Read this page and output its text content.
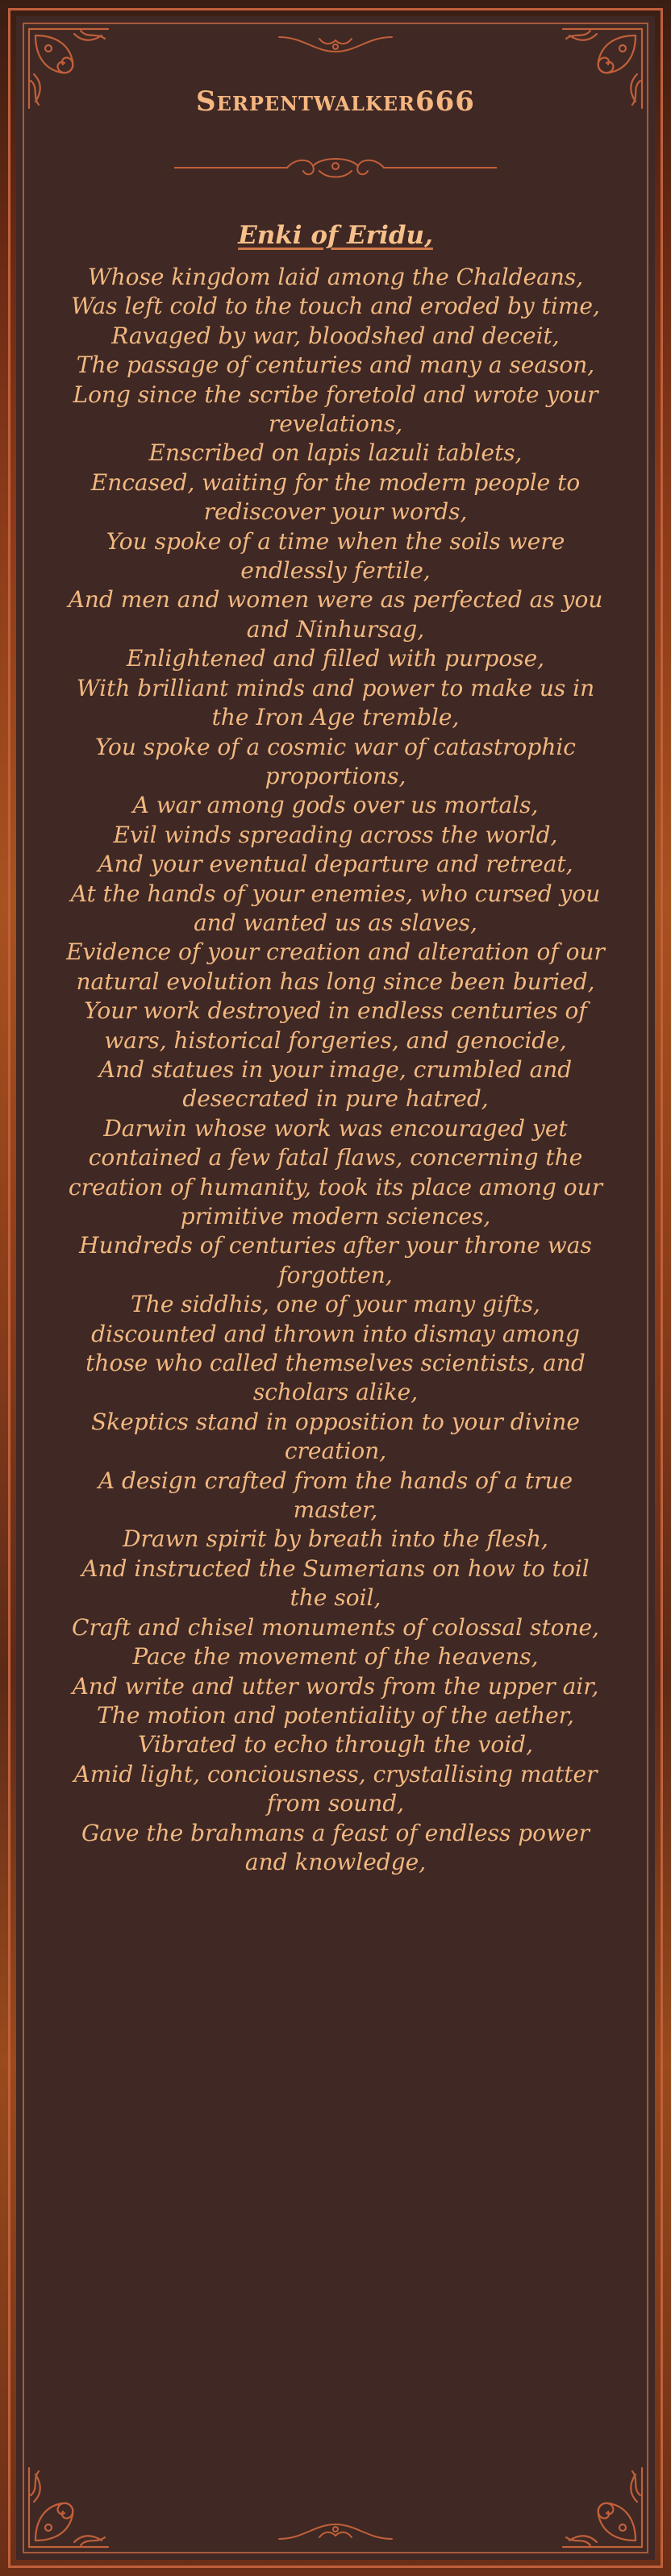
Serpentwalker666
Enki of Eridu,

Whose kingdom laid among the Chaldeans,

Was left cold to the touch and eroded by time,

Ravaged by war, bloodshed and deceit,

The passage of centuries and many a season,

Long since the scribe foretold and wrote your revelations,

Enscribed on lapis lazuli tablets,

Encased, waiting for the modern people to rediscover your words,

You spoke of a time when the soils were endlessly fertile,

And men and women were as perfected as you and Ninhursag,

Enlightened and filled with purpose,

With brilliant minds and power to make us in the Iron Age tremble,

You spoke of a cosmic war of catastrophic proportions,

A war among gods over us mortals,

Evil winds spreading across the world,

And your eventual departure and retreat,

At the hands of your enemies, who cursed you and wanted us as slaves,

Evidence of your creation and alteration of our natural evolution has long since been buried,

Your work destroyed in endless centuries of wars, historical forgeries, and genocide,

And statues in your image, crumbled and desecrated in pure hatred,

Darwin whose work was encouraged yet contained a few fatal flaws, concerning the creation of humanity, took its place among our primitive modern sciences,

Hundreds of centuries after your throne was forgotten,

The siddhis, one of your many gifts, discounted and thrown into dismay among those who called themselves scientists, and scholars alike,

Skeptics stand in opposition to your divine creation,

A design crafted from the hands of a true master,

Drawn spirit by breath into the flesh,

And instructed the Sumerians on how to toil the soil,

Craft and chisel monuments of colossal stone,

Pace the movement of the heavens,

And write and utter words from the upper air,

The motion and potentiality of the aether,

Vibrated to echo through the void,

Amid light, conciousness, crystallising matter from sound,

Gave the brahmans a feast of endless power and knowledge,
